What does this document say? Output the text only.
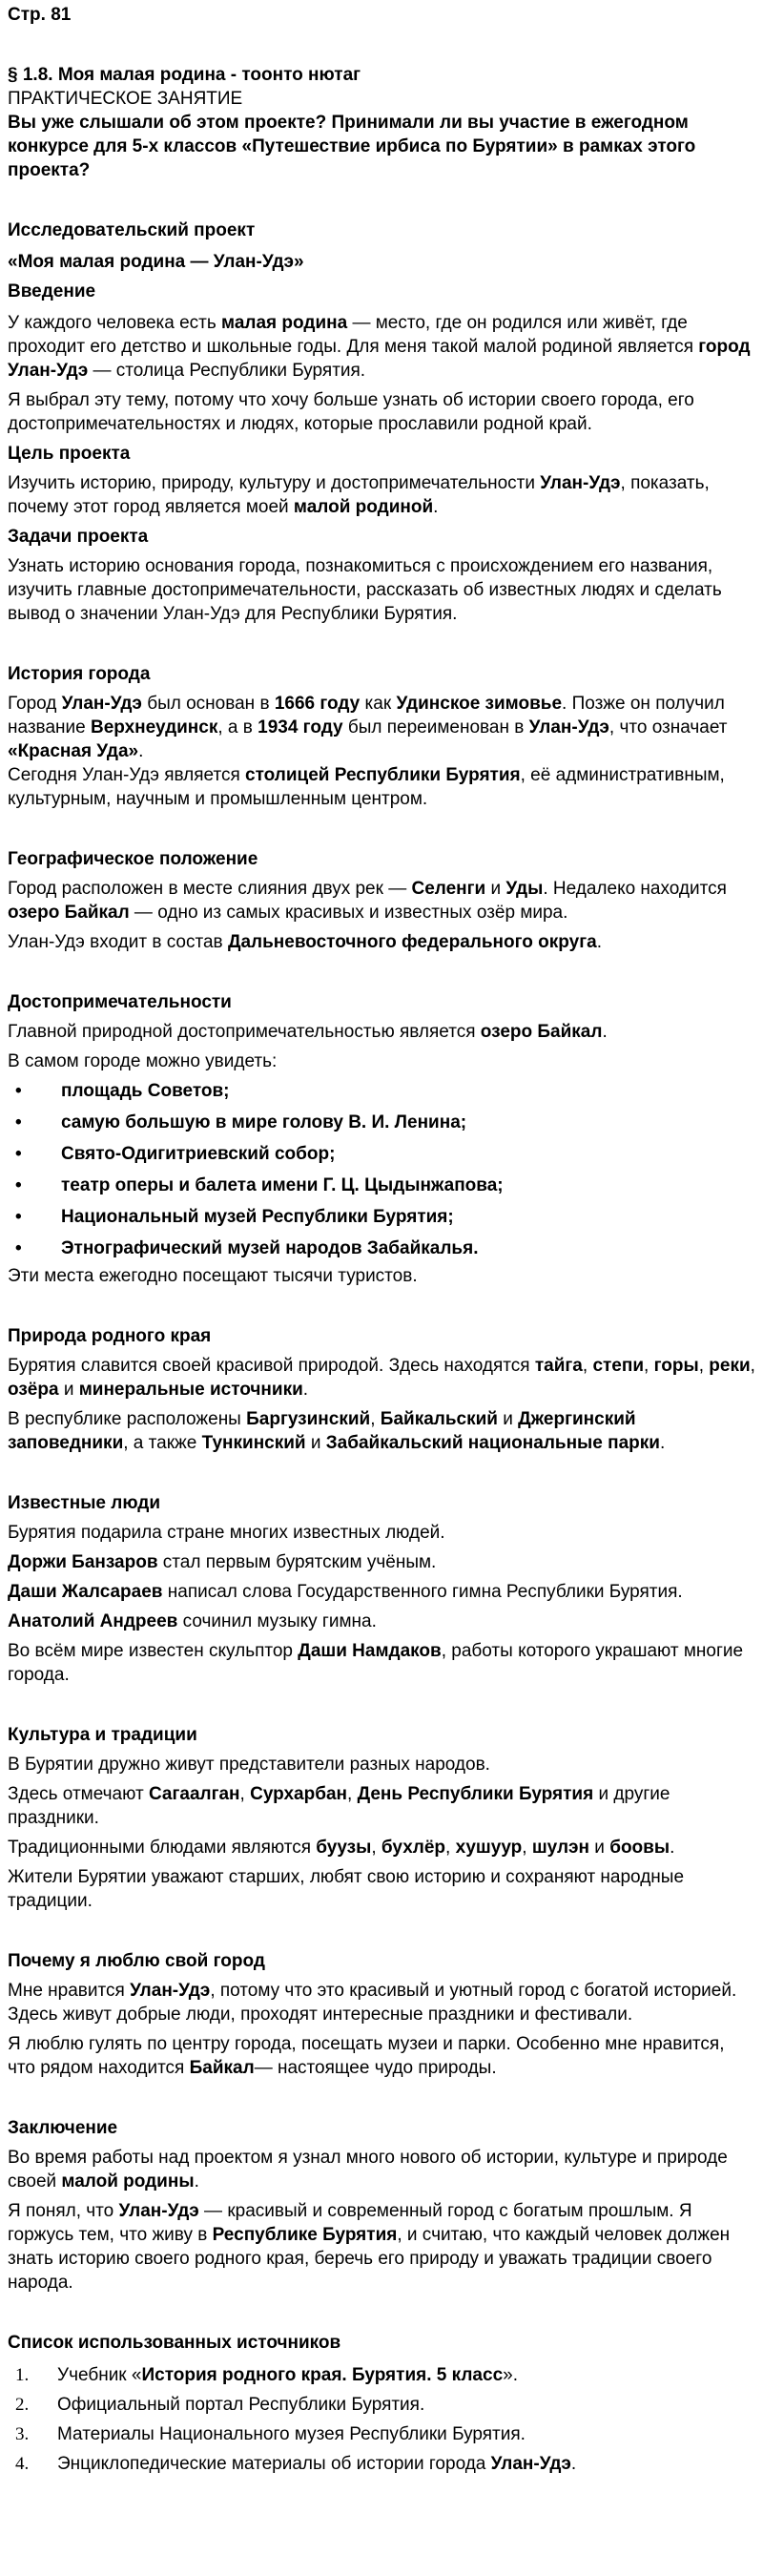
Стр. 81

§ 1.8. Моя малая родина - тоонто нютаг

ПРАКТИЧЕСКОЕ ЗАНЯТИЕ

Вы уже слышали об этом проекте? Принимали ли вы участие в ежегодном конкурсе для 5-х классов «Путешествие ирбиса по Бурятии» в рамках этого проекта?

Исследовательский проект

«Моя малая родина — Улан-Удэ»

Введение

У каждого человека есть малая родина — место, где он родился или живёт, где проходит его детство и школьные годы. Для меня такой малой родиной является город Улан-Удэ — столица Республики Бурятия.

Я выбрал эту тему, потому что хочу больше узнать об истории своего города, его достопримечательностях и людях, которые прославили родной край.

Цель проекта

Изучить историю, природу, культуру и достопримечательности Улан-Удэ, показать, почему этот город является моей малой родиной.

Задачи проекта

Узнать историю основания города, познакомиться с происхождением его названия, изучить главные достопримечательности, рассказать об известных людях и сделать вывод о значении Улан-Удэ для Республики Бурятия.

История города

Город Улан-Удэ был основан в 1666 году как Удинское зимовье. Позже он получил название Верхнеудинск, а в 1934 году был переименован в Улан-Удэ, что означает «Красная Уда».

Сегодня Улан-Удэ является столицей Республики Бурятия, её административным, культурным, научным и промышленным центром.

Географическое положение

Город расположен в месте слияния двух рек — Селенги и Уды. Недалеко находится озеро Байкал — одно из самых красивых и известных озёр мира.

Улан-Удэ входит в состав Дальневосточного федерального округа.

Достопримечательности

Главной природной достопримечательностью является озеро Байкал.

В самом городе можно увидеть:

• площадь Советов;
• самую большую в мире голову В. И. Ленина;
• Свято-Одигитриевский собор;
• театр оперы и балета имени Г. Ц. Цыдынжапова;
• Национальный музей Республики Бурятия;
• Этнографический музей народов Забайкалья.

Эти места ежегодно посещают тысячи туристов.

Природа родного края

Бурятия славится своей красивой природой. Здесь находятся тайга, степи, горы, реки, озёра и минеральные источники.

В республике расположены Баргузинский, Байкальский и Джергинский заповедники, а также Тункинский и Забайкальский национальные парки.

Известные люди

Бурятия подарила стране многих известных людей.

Доржи Банзаров стал первым бурятским учёным.

Даши Жалсараев написал слова Государственного гимна Республики Бурятия.

Анатолий Андреев сочинил музыку гимна.

Во всём мире известен скульптор Даши Намдаков, работы которого украшают многие города.

Культура и традиции

В Бурятии дружно живут представители разных народов.

Здесь отмечают Сагаалган, Сурхарбан, День Республики Бурятия и другие праздники.

Традиционными блюдами являются буузы, бухлёр, хушуур, шулэн и боовы.

Жители Бурятии уважают старших, любят свою историю и сохраняют народные традиции.

Почему я люблю свой город

Мне нравится Улан-Удэ, потому что это красивый и уютный город с богатой историей. Здесь живут добрые люди, проходят интересные праздники и фестивали.

Я люблю гулять по центру города, посещать музеи и парки. Особенно мне нравится, что рядом находится Байкал— настоящее чудо природы.

Заключение

Во время работы над проектом я узнал много нового об истории, культуре и природе своей малой родины.

Я понял, что Улан-Удэ — красивый и современный город с богатым прошлым. Я горжусь тем, что живу в Республике Бурятия, и считаю, что каждый человек должен знать историю своего родного края, беречь его природу и уважать традиции своего народа.

Список использованных источников

1. Учебник «История родного края. Бурятия. 5 класс».
2. Официальный портал Республики Бурятия.
3. Материалы Национального музея Республики Бурятия.
4. Энциклопедические материалы об истории города Улан-Удэ.
